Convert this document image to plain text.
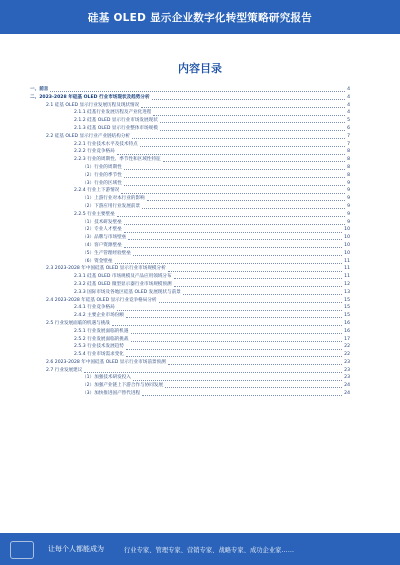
硅基 OLED 显示企业数字化转型策略研究报告
内容目录
一、前言	4
二、2023-2028 年硅基 OLED 行业市场现状及趋势分析	4
2.1 硅基 OLED 显示行业发展历程及现状情况	4
2.1.1 硅基行业发展历程及产业化进程	4
2.1.2 硅基 OLED 显示行业市场发展现状	5
2.1.3 硅基 OLED 显示行业整体市场规模	6
2.2 硅基 OLED 显示行业产业链结构分析	7
2.2.1 行业技术水平及技术特点	7
2.2.2 行业竞争格局	8
2.2.3 行业的周期性、季节性和区域性特征	8
（1）行业的周期性	8
（2）行业的季节性	8
（3）行业的区域性	9
2.2.4 行业上下游情况	9
（1）上游行业对本行业的影响	9
（2）下游应用行业发展前景	9
2.2.5 行业主要壁垒	9
（1）技术研发壁垒	9
（2）专业人才壁垒	10
（3）品牌与市场壁垒	10
（4）客户资源壁垒	10
（5）生产管理经验壁垒	10
（6）资金壁垒	11
2.3 2023-2028 年中国硅基 OLED 显示行业市场规模分析	11
2.3.1 硅基 OLED 市场规模及产品应用领域分布	11
2.3.2 硅基 OLED 微型显示器行业市场规模预测	12
2.3.3 国际市场及各地区硅基 OLED 发展现状与前景	13
2.4 2023-2028 年硅基 OLED 显示行业竞争格局分析	15
2.4.1 行业竞争格局	15
2.4.2 主要企业市场份额	15
2.5 行业发展面临的机遇与挑战	16
2.5.1 行业发展面临的机遇	16
2.5.2 行业发展面临的挑战	17
2.5.3 行业技术发展趋势	22
2.5.4 行业市场需求变化	22
2.6 2023-2028 年中国硅基 OLED 显示行业市场前景预测	23
2.7 行业发展建议	23
（1）加强技术研发投入	23
（2）加强产业链上下游合作与协同发展	24
（3）加快推进国产替代进程	24
让每个人都能成为	行业专家、管理专家、营销专家、战略专家、成功企业家……
